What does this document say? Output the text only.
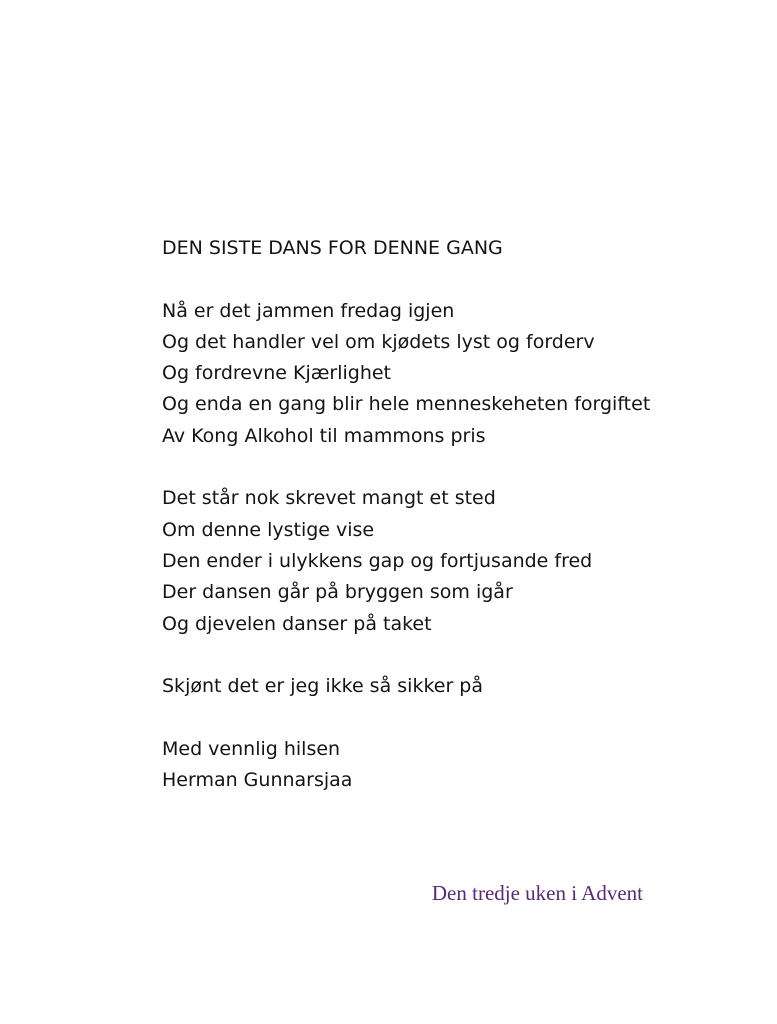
DEN SISTE DANS FOR DENNE GANG
Nå er det jammen fredag igjen
Og det handler vel om kjødets lyst og forderv
Og fordrevne Kjærlighet
Og enda en gang blir hele menneskeheten forgiftet
Av Kong Alkohol til mammons pris
Det står nok skrevet mangt et sted
Om denne lystige vise
Den ender i ulykkens gap og fortjusande fred
Der dansen går på bryggen som igår
Og djevelen danser på taket
Skjønt det er jeg ikke så sikker på
Med vennlig hilsen
Herman Gunnarsjaa
Den tredje uken i Advent
